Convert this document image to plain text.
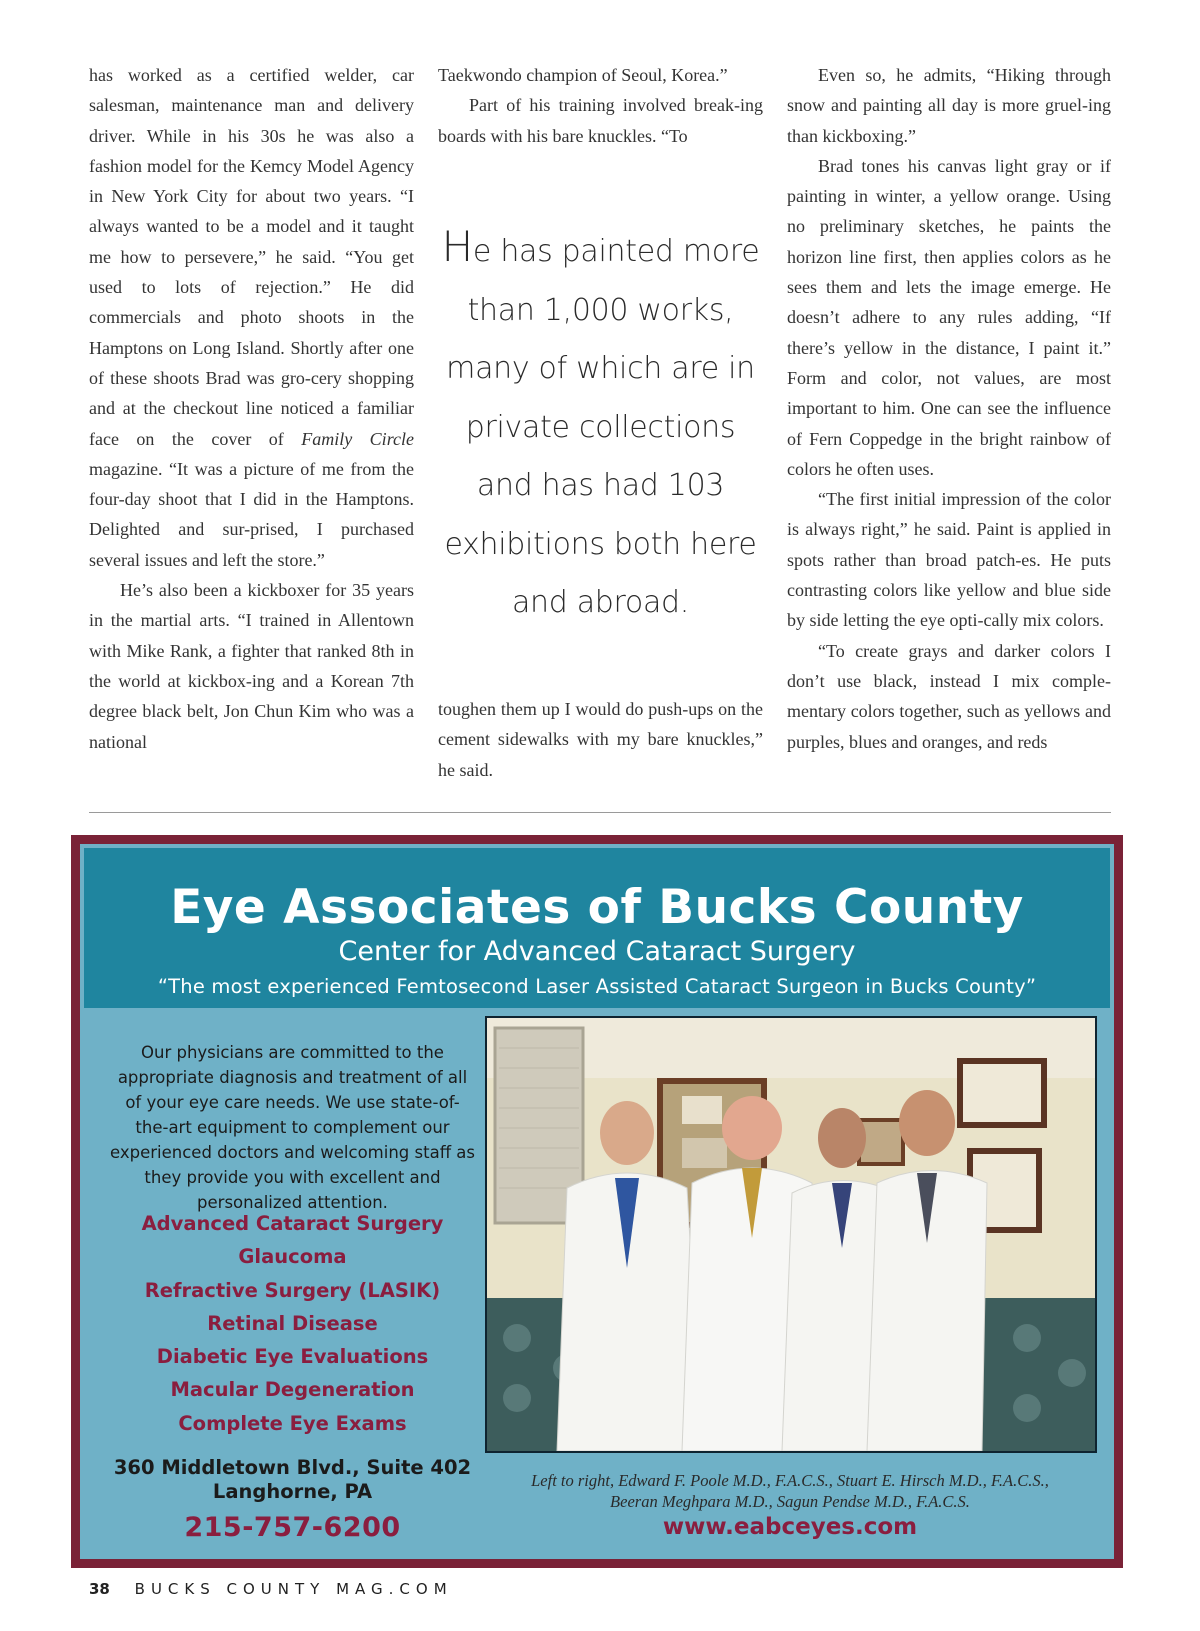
has worked as a certified welder, car salesman, maintenance man and delivery driver. While in his 30s he was also a fashion model for the Kemcy Model Agency in New York City for about two years. “I always wanted to be a model and it taught me how to persevere,” he said. “You get used to lots of rejection.” He did commercials and photo shoots in the Hamptons on Long Island. Shortly after one of these shoots Brad was gro-cery shopping and at the checkout line noticed a familiar face on the cover of Family Circle magazine. “It was a picture of me from the four-day shoot that I did in the Hamptons. Delighted and sur-prised, I purchased several issues and left the store.”

He’s also been a kickboxer for 35 years in the martial arts. “I trained in Allentown with Mike Rank, a fighter that ranked 8th in the world at kickbox-ing and a Korean 7th degree black belt, Jon Chun Kim who was a national

Taekwondo champion of Seoul, Korea.”

Part of his training involved break-ing boards with his bare knuckles. “To

He has painted more than 1,000 works, many of which are in private collections and has had 103 exhibitions both here and abroad.

toughen them up I would do push-ups on the cement sidewalks with my bare knuckles,” he said.

Even so, he admits, “Hiking through snow and painting all day is more gruel-ing than kickboxing.”

Brad tones his canvas light gray or if painting in winter, a yellow orange. Using no preliminary sketches, he paints the horizon line first, then applies colors as he sees them and lets the image emerge. He doesn’t adhere to any rules adding, “If there’s yellow in the distance, I paint it.” Form and color, not values, are most important to him. One can see the influence of Fern Coppedge in the bright rainbow of colors he often uses.

“The first initial impression of the color is always right,” he said. Paint is applied in spots rather than broad patch-es. He puts contrasting colors like yellow and blue side by side letting the eye opti-cally mix colors.

“To create grays and darker colors I don’t use black, instead I mix comple-mentary colors together, such as yellows and purples, blues and oranges, and reds

Eye Associates of Bucks County
Center for Advanced Cataract Surgery
“The most experienced Femtosecond Laser Assisted Cataract Surgeon in Bucks County”
Our physicians are committed to the appropriate diagnosis and treatment of all of your eye care needs. We use state-of-the-art equipment to complement our experienced doctors and welcoming staff as they provide you with excellent and personalized attention.
Advanced Cataract Surgery
Glaucoma
Refractive Surgery (LASIK)
Retinal Disease
Diabetic Eye Evaluations
Macular Degeneration
Complete Eye Exams
360 Middletown Blvd., Suite 402
Langhorne, PA
215-757-6200
Left to right, Edward F. Poole M.D., F.A.C.S., Stuart E. Hirsch M.D., F.A.C.S.,
Beeran Meghpara M.D., Sagun Pendse M.D., F.A.C.S.
www.eabceyes.com
38 BUCKS COUNTY MAG.COM
